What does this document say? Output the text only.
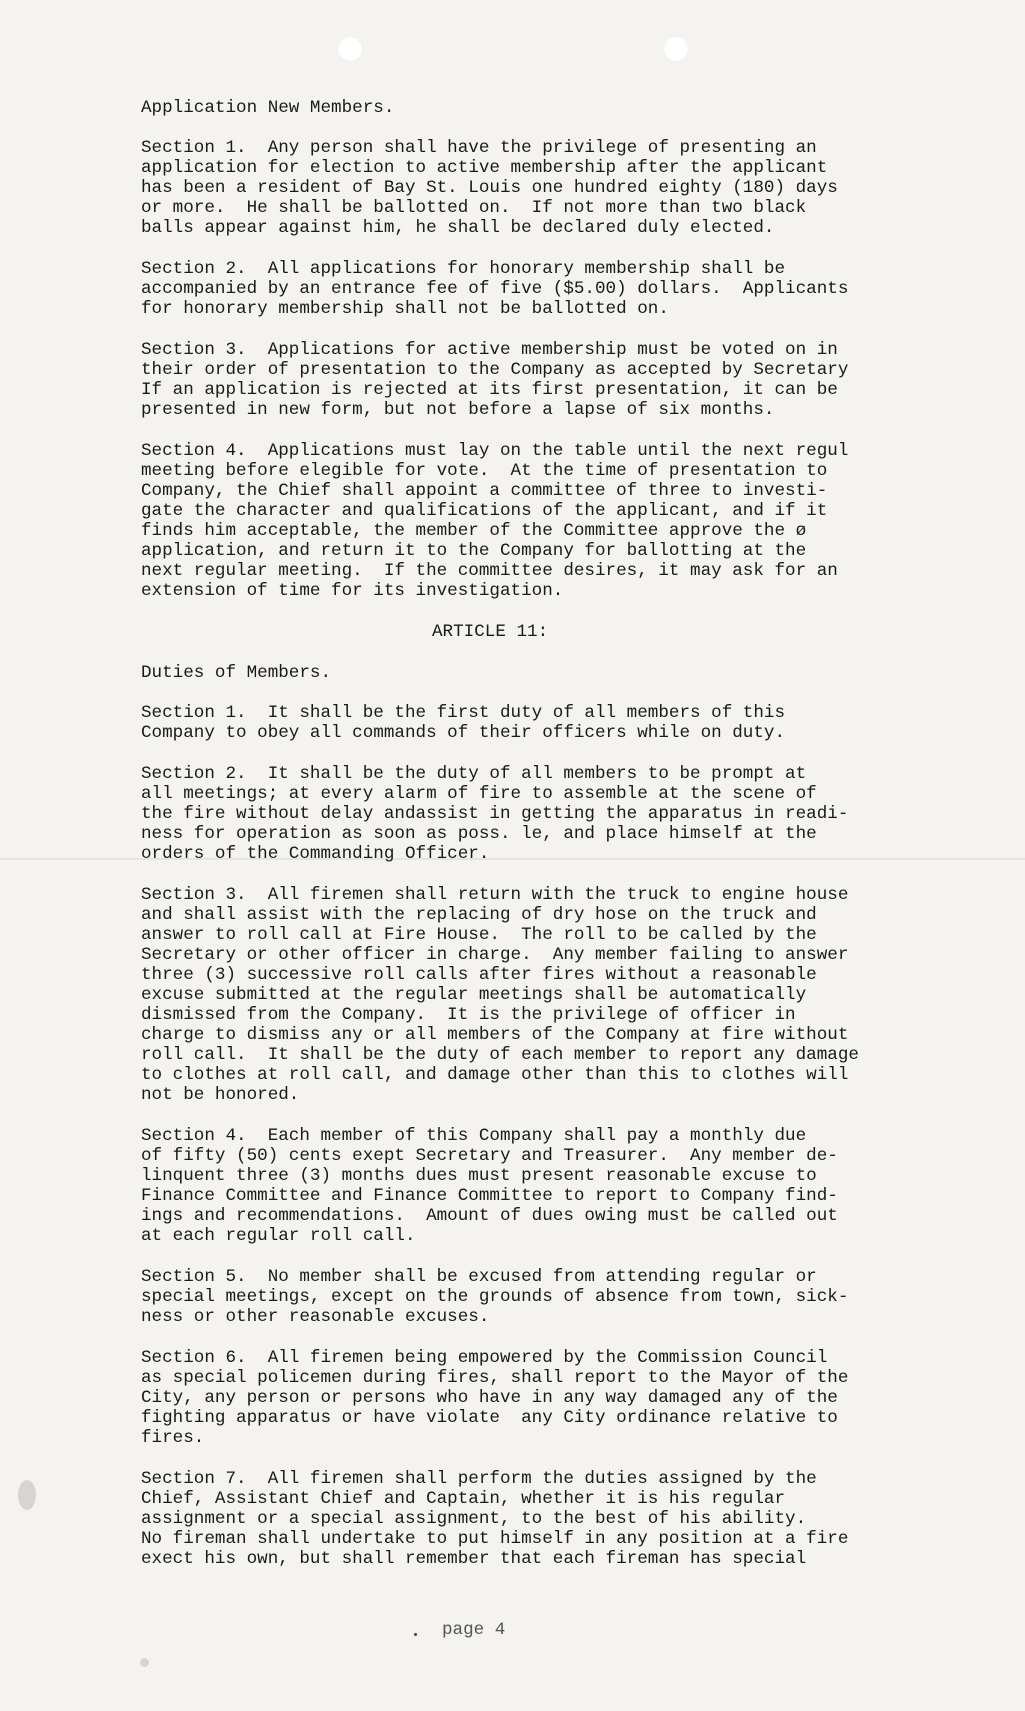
Application New Members.
Section 1.  Any person shall have the privilege of presenting an
application for election to active membership after the applicant
has been a resident of Bay St. Louis one hundred eighty (180) days
or more.  He shall be ballotted on.  If not more than two black
balls appear against him, he shall be declared duly elected.
Section 2.  All applications for honorary membership shall be
accompanied by an entrance fee of five ($5.00) dollars.  Applicants
for honorary membership shall not be ballotted on.
Section 3.  Applications for active membership must be voted on in
their order of presentation to the Company as accepted by Secretary
If an application is rejected at its first presentation, it can be
presented in new form, but not before a lapse of six months.
Section 4.  Applications must lay on the table until the next regul
meeting before elegible for vote.  At the time of presentation to
Company, the Chief shall appoint a committee of three to investi-
gate the character and qualifications of the applicant, and if it
finds him acceptable, the member of the Committee approve the ø
application, and return it to the Company for ballotting at the
next regular meeting.  If the committee desires, it may ask for an
extension of time for its investigation.
ARTICLE 11:
Duties of Members.
Section 1.  It shall be the first duty of all members of this
Company to obey all commands of their officers while on duty.
Section 2.  It shall be the duty of all members to be prompt at
all meetings; at every alarm of fire to assemble at the scene of
the fire without delay andassist in getting the apparatus in readi-
ness for operation as soon as poss. le, and place himself at the
orders of the Commanding Officer.
Section 3.  All firemen shall return with the truck to engine house
and shall assist with the replacing of dry hose on the truck and
answer to roll call at Fire House.  The roll to be called by the
Secretary or other officer in charge.  Any member failing to answer
three (3) successive roll calls after fires without a reasonable
excuse submitted at the regular meetings shall be automatically
dismissed from the Company.  It is the privilege of officer in
charge to dismiss any or all members of the Company at fire without
roll call.  It shall be the duty of each member to report any damage
to clothes at roll call, and damage other than this to clothes will
not be honored.
Section 4.  Each member of this Company shall pay a monthly due
of fifty (50) cents exept Secretary and Treasurer.  Any member de-
linquent three (3) months dues must present reasonable excuse to
Finance Committee and Finance Committee to report to Company find-
ings and recommendations.  Amount of dues owing must be called out
at each regular roll call.
Section 5.  No member shall be excused from attending regular or
special meetings, except on the grounds of absence from town, sick-
ness or other reasonable excuses.
Section 6.  All firemen being empowered by the Commission Council
as special policemen during fires, shall report to the Mayor of the
City, any person or persons who have in any way damaged any of the
fighting apparatus or have violate  any City ordinance relative to
fires.
Section 7.  All firemen shall perform the duties assigned by the
Chief, Assistant Chief and Captain, whether it is his regular
assignment or a special assignment, to the best of his ability.
No fireman shall undertake to put himself in any position at a fire
exect his own, but shall remember that each fireman has special
page 4
